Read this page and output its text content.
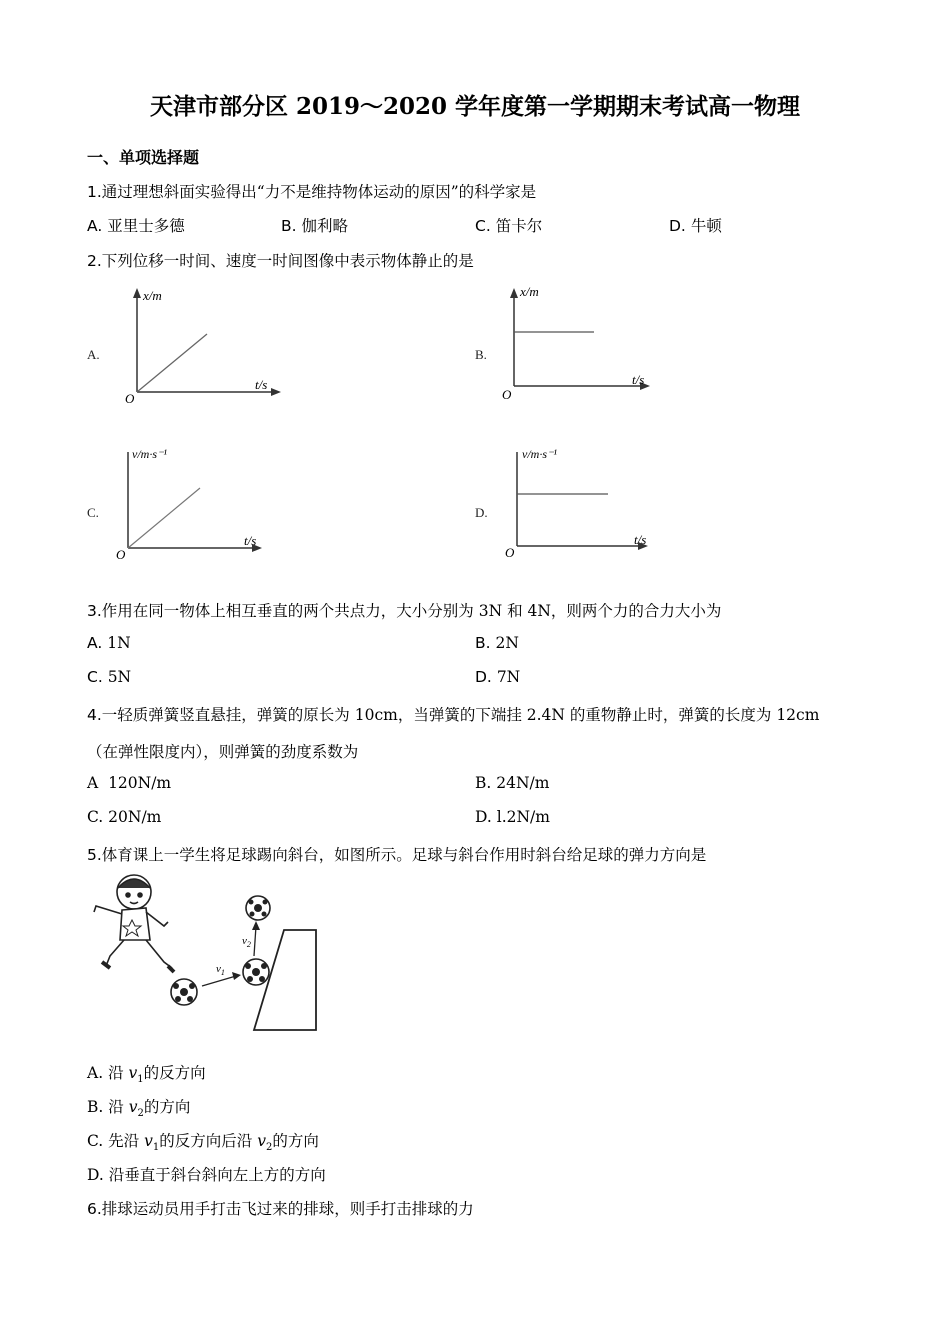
天津市部分区 2019～2020 学年度第一学期期末考试高一物理
一、单项选择题
1.通过理想斜面实验得出“力不是维持物体运动的原因”的科学家是
A. 亚里士多德	B. 伽利略	C. 笛卡尔	D. 牛顿
2.下列位移一时间、速度一时间图像中表示物体静止的是
A.
x/m
t/s
O
B.
x/m
t/s
O
C.
v/m·s⁻¹
t/s
O
D.
v/m·s⁻¹
t/s
O
3.作用在同一物体上相互垂直的两个共点力，大小分别为 3N 和 4N，则两个力的合力大小为
A. 1N	B. 2N
C. 5N	D. 7N
4.一轻质弹簧竖直悬挂，弹簧的原长为 10cm，当弹簧的下端挂 2.4N 的重物静止时，弹簧的长度为 12cm
（在弹性限度内），则弹簧的劲度系数为
A 120N/m	B. 24N/m
C. 20N/m	D. l.2N/m
5.体育课上一学生将足球踢向斜台，如图所示。足球与斜台作用时斜台给足球的弹力方向是
$v_1$
$v_2$
A. 沿 $v_1$的反方向
B. 沿 $v_2$的方向
C. 先沿 $v_1$的反方向后沿 $v_2$的方向
D. 沿垂直于斜台斜向左上方的方向
6.排球运动员用手打击飞过来的排球，则手打击排球的力
